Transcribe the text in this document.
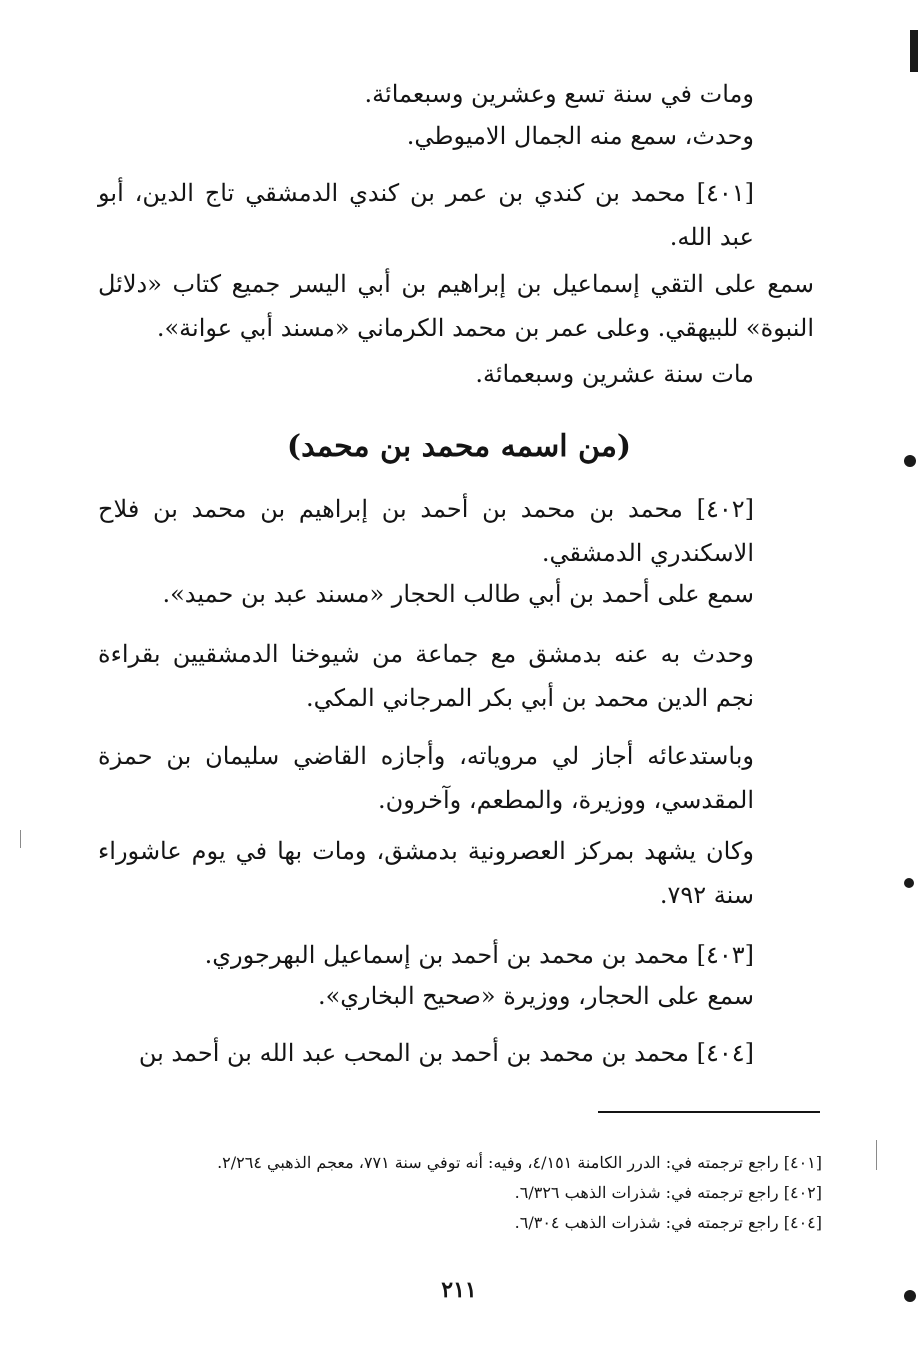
ومات في سنة تسع وعشرين وسبعمائة.
وحدث، سمع منه الجمال الاميوطي.
[٤٠١] محمد بن كندي بن عمر بن كندي الدمشقي تاج الدين، أبو عبد الله.
سمع على التقي إسماعيل بن إبراهيم بن أبي اليسر جميع كتاب «دلائل النبوة» للبيهقي. وعلى عمر بن محمد الكرماني «مسند أبي عوانة».
مات سنة عشرين وسبعمائة.
(من اسمه محمد بن محمد)
[٤٠٢] محمد بن محمد بن أحمد بن إبراهيم بن محمد بن فلاح الاسكندري الدمشقي.
سمع على أحمد بن أبي طالب الحجار «مسند عبد بن حميد».
وحدث به عنه بدمشق مع جماعة من شيوخنا الدمشقيين بقراءة نجم الدين محمد بن أبي بكر المرجاني المكي.
وباستدعائه أجاز لي مروياته، وأجازه القاضي سليمان بن حمزة المقدسي، ووزيرة، والمطعم، وآخرون.
وكان يشهد بمركز العصرونية بدمشق، ومات بها في يوم عاشوراء سنة ٧٩٢.
[٤٠٣] محمد بن محمد بن أحمد بن إسماعيل البهرجوري.
سمع على الحجار، ووزيرة «صحيح البخاري».
[٤٠٤] محمد بن محمد بن أحمد بن المحب عبد الله بن أحمد بن
[٤٠١] راجع ترجمته في: الدرر الكامنة ٤/١٥١، وفيه: أنه توفي سنة ٧٧١، معجم الذهبي ٢/٢٦٤.
[٤٠٢] راجع ترجمته في: شذرات الذهب ٦/٣٢٦.
[٤٠٤] راجع ترجمته في: شذرات الذهب ٦/٣٠٤.
٢١١
